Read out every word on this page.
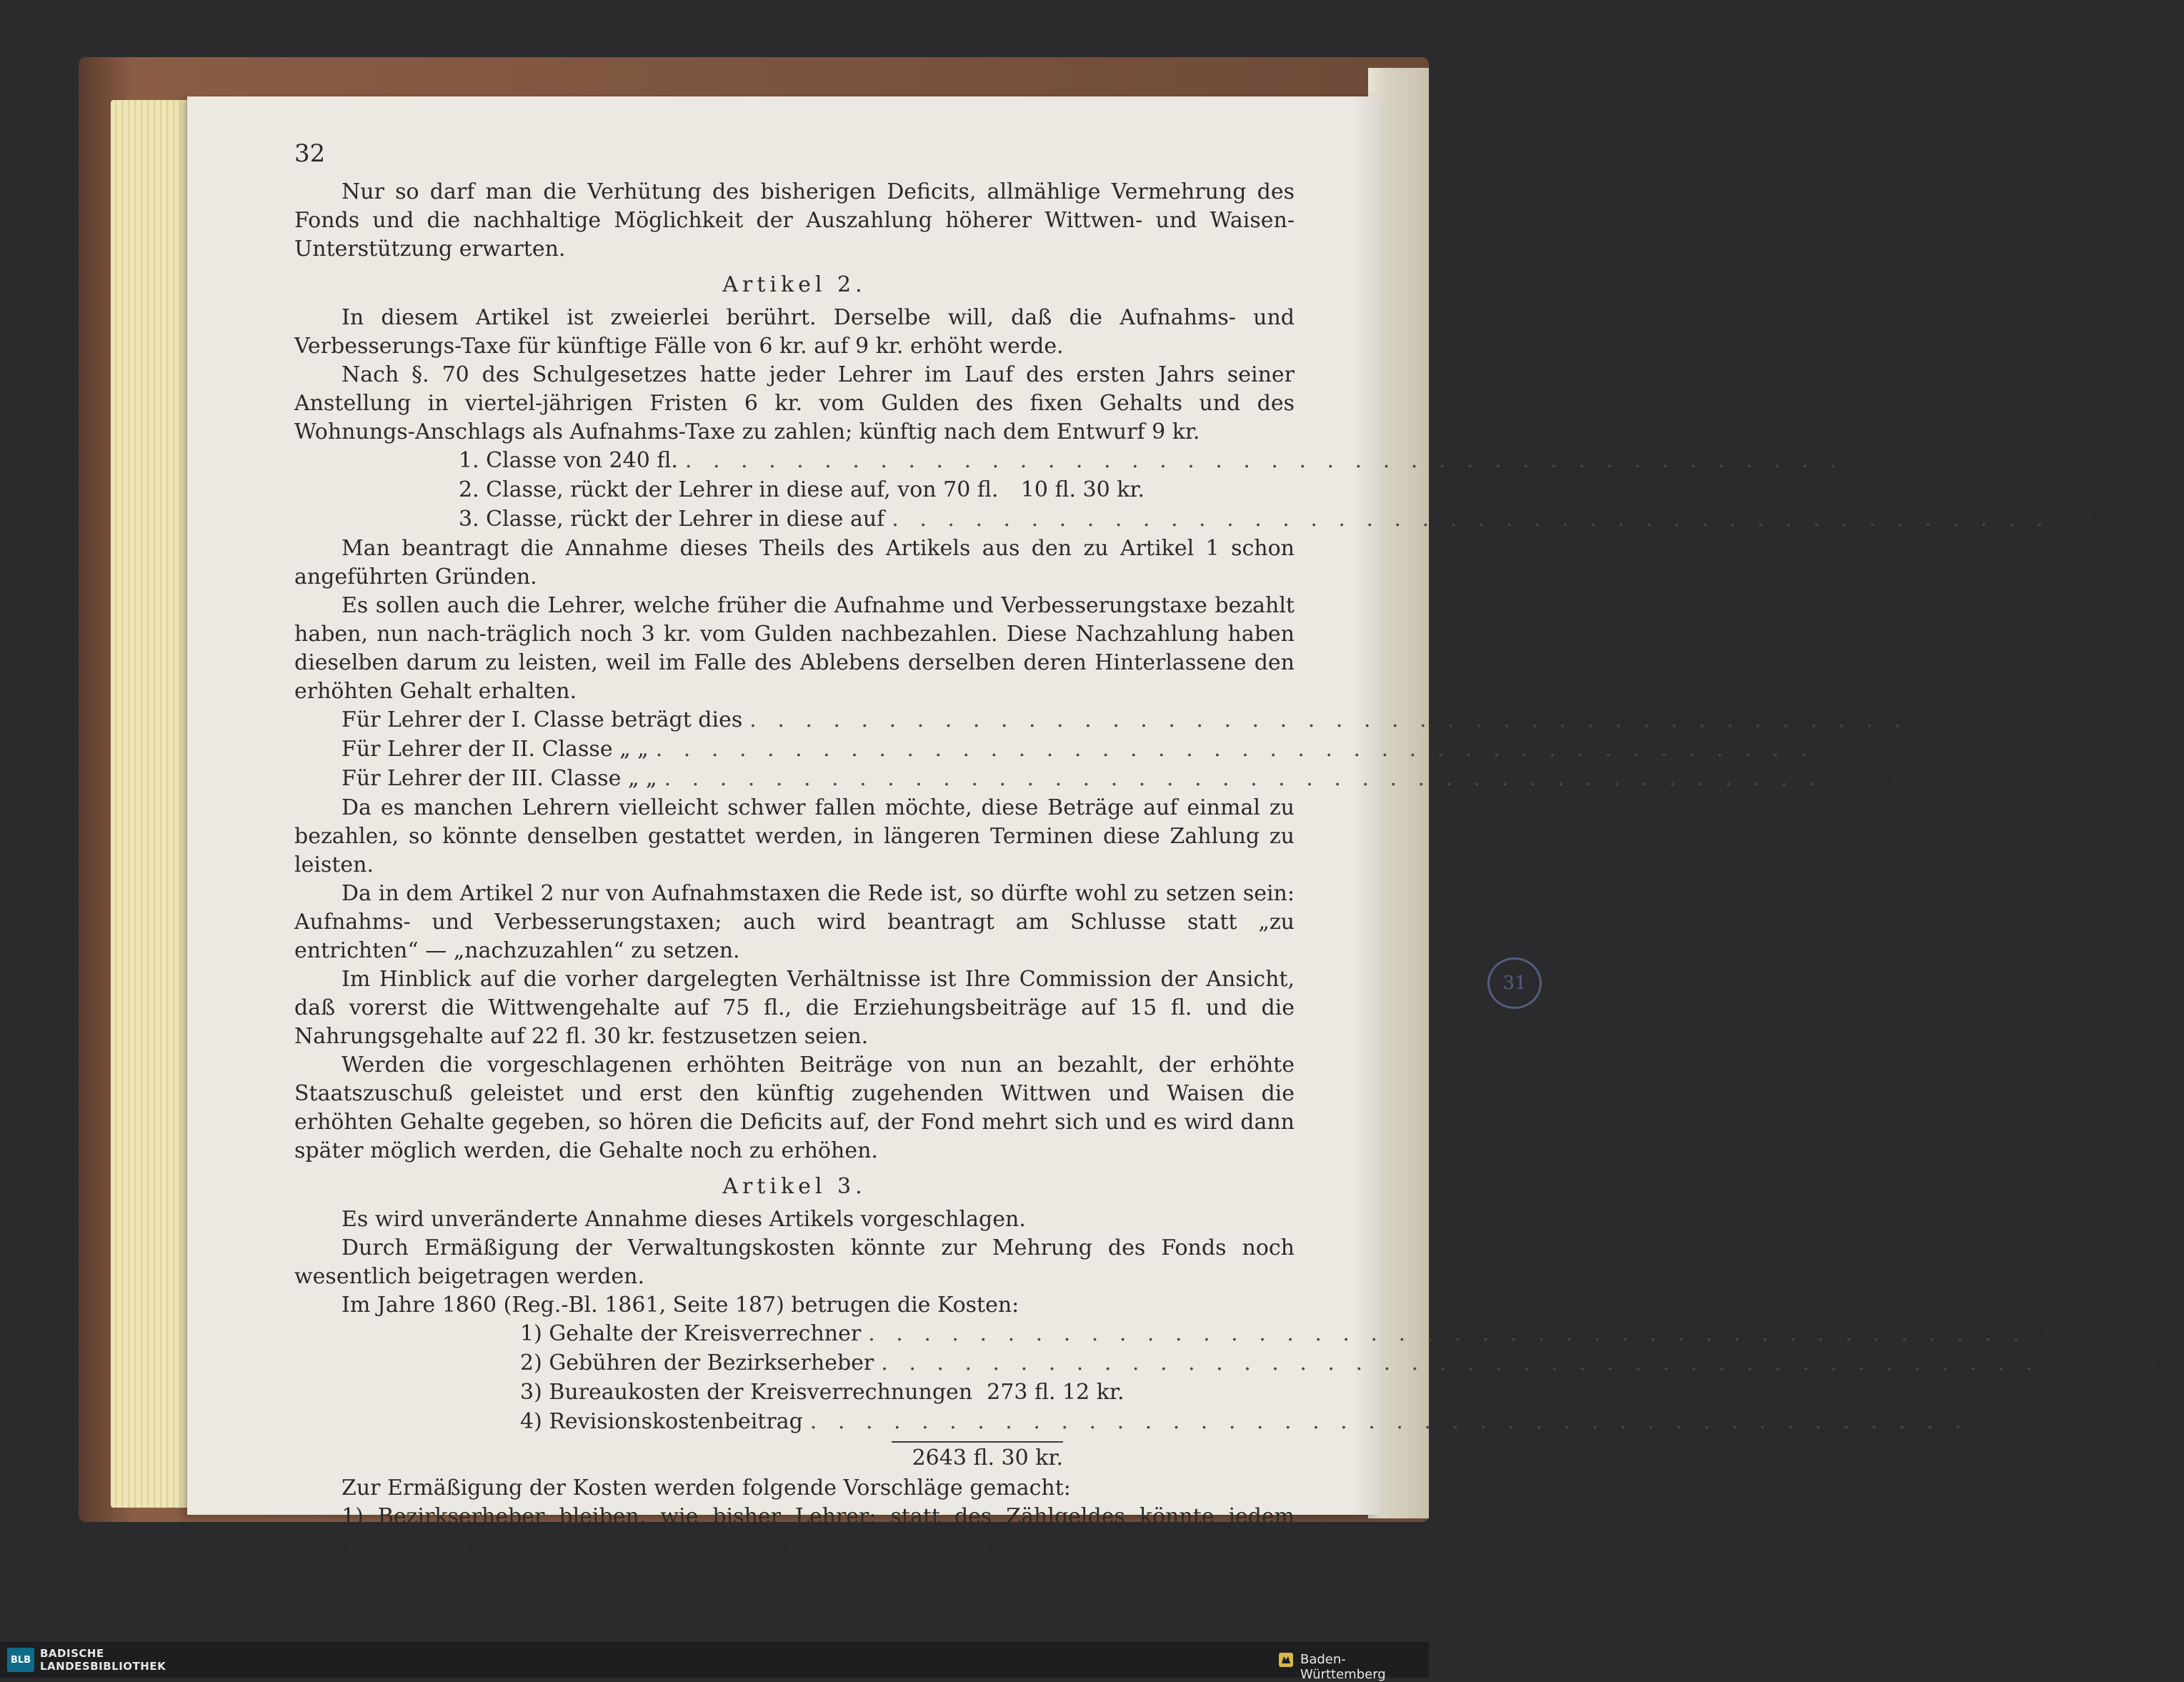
31
32

Nur so darf man die Verhütung des bisherigen Deficits, allmählige Vermehrung des Fonds und die nachhaltige Möglichkeit der Auszahlung höherer Wittwen- und Waisen-Unterstützung erwarten.

Artikel 2.

In diesem Artikel ist zweierlei berührt. Derselbe will, daß die Aufnahms- und Verbesserungs-Taxe für künftige Fälle von 6 kr. auf 9 kr. erhöht werde.

Nach §. 70 des Schulgesetzes hatte jeder Lehrer im Lauf des ersten Jahrs seiner Anstellung in viertel-jährigen Fristen 6 kr. vom Gulden des fixen Gehalts und des Wohnungs-Anschlags als Aufnahms-Taxe zu zahlen; künftig nach dem Entwurf 9 kr.

1. Classe von 240 fl. . . .	36 fl. — kr.
2. Classe, rückt der Lehrer in diese auf, von 70 fl.	10 fl. 30 kr.
3. Classe, rückt der Lehrer in diese auf . . .	22 fl. 15 kr.

Man beantragt die Annahme dieses Theils des Artikels aus den zu Artikel 1 schon angeführten Gründen.

Es sollen auch die Lehrer, welche früher die Aufnahme und Verbesserungstaxe bezahlt haben, nun nach-träglich noch 3 kr. vom Gulden nachbezahlen. Diese Nachzahlung haben dieselben darum zu leisten, weil im Falle des Ablebens derselben deren Hinterlassene den erhöhten Gehalt erhalten.

Für Lehrer der I. Classe beträgt dies . . .	12 fl. — kr.
Für Lehrer der II. Classe „ „ . . .	15 „ 30 „
Für Lehrer der III. Classe „ „ . . .	21 „ 15 „

Da es manchen Lehrern vielleicht schwer fallen möchte, diese Beträge auf einmal zu bezahlen, so könnte denselben gestattet werden, in längeren Terminen diese Zahlung zu leisten.

Da in dem Artikel 2 nur von Aufnahmstaxen die Rede ist, so dürfte wohl zu setzen sein: Aufnahms- und Verbesserungstaxen; auch wird beantragt am Schlusse statt „zu entrichten“ — „nachzuzahlen“ zu setzen.

Im Hinblick auf die vorher dargelegten Verhältnisse ist Ihre Commission der Ansicht, daß vorerst die Wittwengehalte auf 75 fl., die Erziehungsbeiträge auf 15 fl. und die Nahrungsgehalte auf 22 fl. 30 kr. festzusetzen seien.

Werden die vorgeschlagenen erhöhten Beiträge von nun an bezahlt, der erhöhte Staatszuschuß geleistet und erst den künftig zugehenden Wittwen und Waisen die erhöhten Gehalte gegeben, so hören die Deficits auf, der Fond mehrt sich und es wird dann später möglich werden, die Gehalte noch zu erhöhen.

Artikel 3.

Es wird unveränderte Annahme dieses Artikels vorgeschlagen.

Durch Ermäßigung der Verwaltungskosten könnte zur Mehrung des Fonds noch wesentlich beigetragen werden.

Im Jahre 1860 (Reg.-Bl. 1861, Seite 187) betrugen die Kosten:

1) Gehalte der Kreisverrechner . . .	1515 fl. 6 kr.
2) Gebühren der Bezirkserheber . . .	439 fl. 49 kr.
3) Bureaukosten der Kreisverrechnungen 273 fl. 12 kr.
4) Revisionskostenbeitrag . . .	415 fl. 23 kr.
2643 fl. 30 kr.

Zur Ermäßigung der Kosten werden folgende Vorschläge gemacht:

1) Bezirkserheber bleiben, wie bisher Lehrer; statt des Zählgeldes könnte jedem Bezirkserheber eine Ver-gütung für Auslagen im Betrage von 4 fl. gegeben werden.

BLB BADISCHE
LANDESBIBLIOTHEK	Baden-Württemberg
